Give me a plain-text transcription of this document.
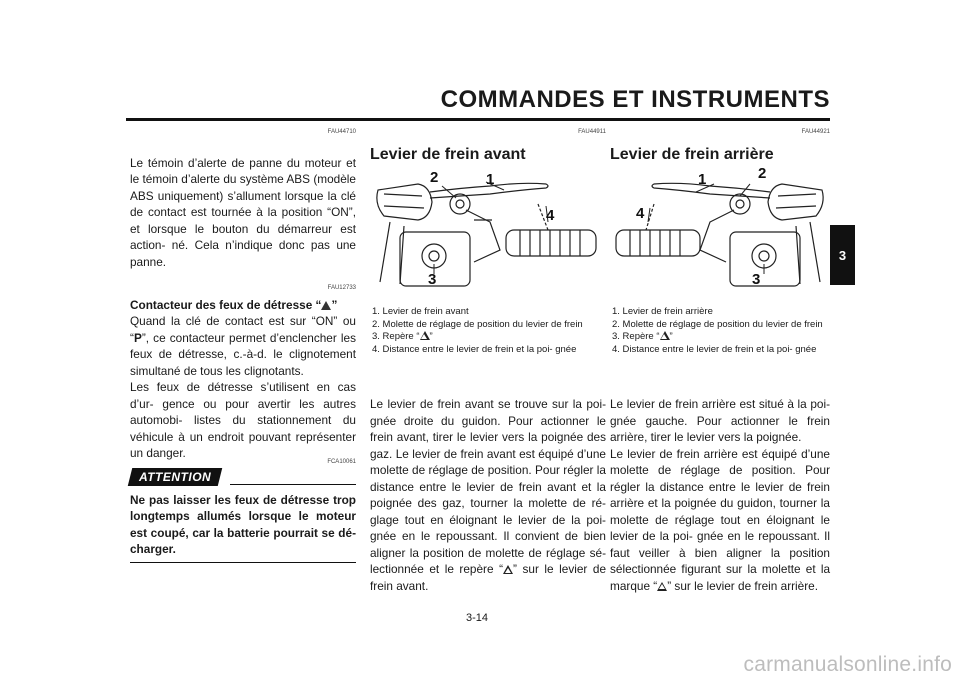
COMMANDES ET INSTRUMENTS
3
FAU44710

Le témoin d’alerte de panne du moteur et le témoin d’alerte du système ABS (modèle ABS uniquement) s’allument lorsque la clé de contact est tournée à la position “ON”, et lorsque le bouton du démarreur est action- né. Cela n’indique donc pas une panne.

FAU12733

Contacteur des feux de détresse “ ”

Quand la clé de contact est sur “ON” ou “P”, ce contacteur permet d’enclencher les feux de détresse, c.-à-d. le clignotement simultané de tous les clignotants.

Les feux de détresse s’utilisent en cas d’ur- gence ou pour avertir les autres automobi- listes du stationnement du véhicule à un endroit pouvant représenter un danger.

FCA10061
ATTENTION

Ne pas laisser les feux de détresse trop longtemps allumés lorsque le moteur est coupé, car la batterie pourrait se dé- charger.

FAU44911

Levier de frein avant

2	1
4
3
1. Levier de frein avant
2. Molette de réglage de position du levier de frein
3. Repère “ ”
4. Distance entre le levier de frein et la poi- gnée

Le levier de frein avant se trouve sur la poi- gnée droite du guidon. Pour actionner le frein avant, tirer le levier vers la poignée des gaz. Le levier de frein avant est équipé d’une molette de réglage de position. Pour régler la distance entre le levier de frein avant et la poignée des gaz, tourner la molette de ré- glage tout en éloignant le levier de la poi- gnée en le repoussant. Il convient de bien aligner la position de molette de réglage sé- lectionnée et le repère “ ” sur le levier de frein avant.

FAU44921

Levier de frein arrière

1	2
4
3
1. Levier de frein arrière
2. Molette de réglage de position du levier de frein
3. Repère “ ”
4. Distance entre le levier de frein et la poi- gnée

Le levier de frein arrière est situé à la poi- gnée gauche. Pour actionner le frein arrière, tirer le levier vers la poignée.

Le levier de frein arrière est équipé d’une molette de réglage de position. Pour régler la distance entre le levier de frein arrière et la poignée du guidon, tourner la molette de réglage tout en éloignant le levier de la poi- gnée en le repoussant. Il faut veiller à bien aligner la position sélectionnée figurant sur la molette et la marque “ ” sur le levier de frein arrière.

3-14
carmanualsonline.info
